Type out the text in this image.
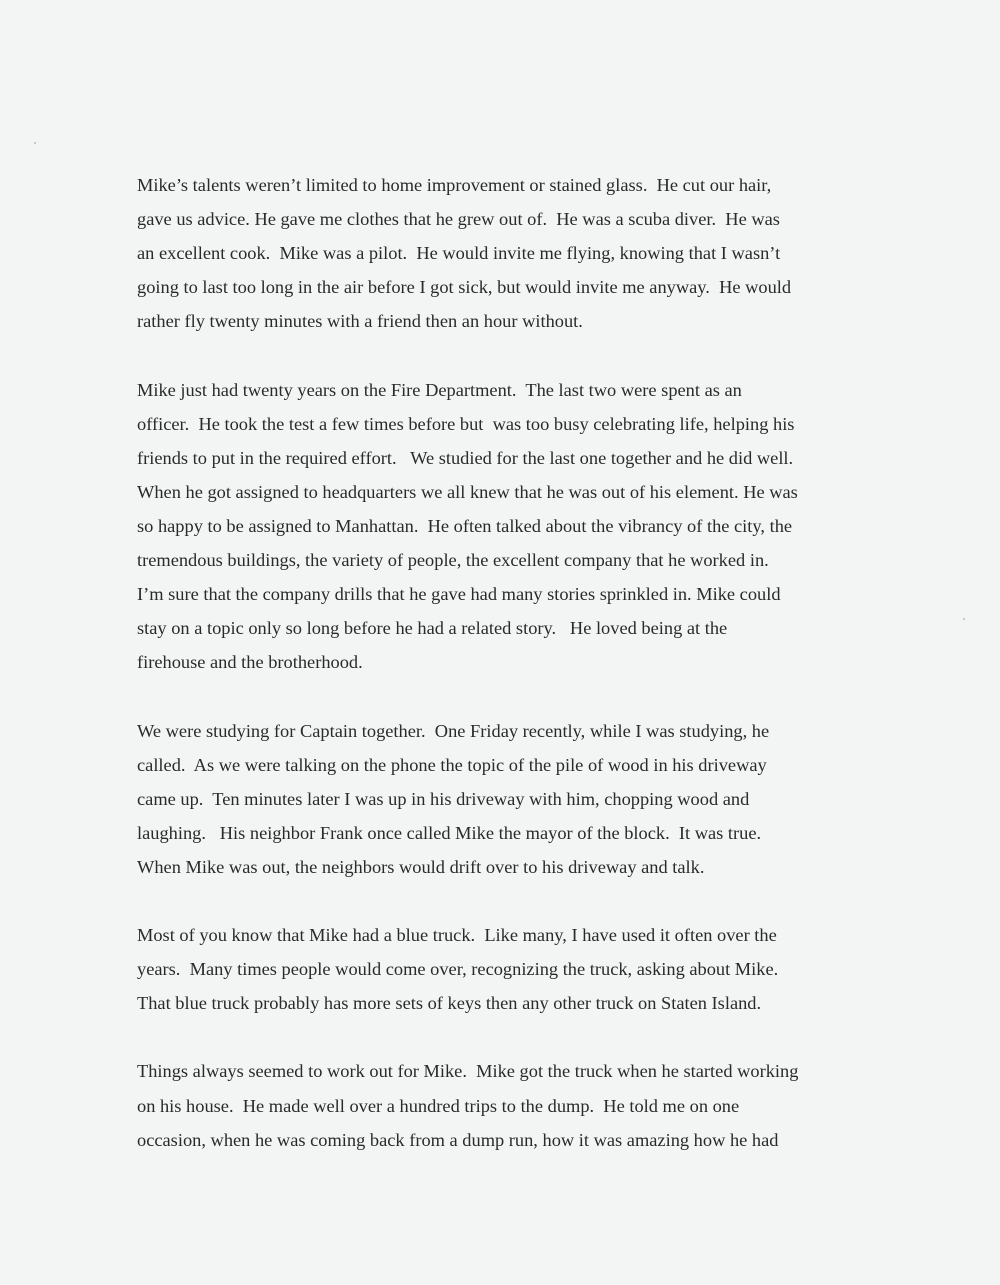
Mike’s talents weren’t limited to home improvement or stained glass.  He cut our hair,
gave us advice. He gave me clothes that he grew out of.  He was a scuba diver.  He was
an excellent cook.  Mike was a pilot.  He would invite me flying, knowing that I wasn’t
going to last too long in the air before I got sick, but would invite me anyway.  He would
rather fly twenty minutes with a friend then an hour without.
Mike just had twenty years on the Fire Department.  The last two were spent as an
officer.  He took the test a few times before but  was too busy celebrating life, helping his
friends to put in the required effort.   We studied for the last one together and he did well.
When he got assigned to headquarters we all knew that he was out of his element. He was
so happy to be assigned to Manhattan.  He often talked about the vibrancy of the city, the
tremendous buildings, the variety of people, the excellent company that he worked in.
I’m sure that the company drills that he gave had many stories sprinkled in. Mike could
stay on a topic only so long before he had a related story.   He loved being at the
firehouse and the brotherhood.
We were studying for Captain together.  One Friday recently, while I was studying, he
called.  As we were talking on the phone the topic of the pile of wood in his driveway
came up.  Ten minutes later I was up in his driveway with him, chopping wood and
laughing.   His neighbor Frank once called Mike the mayor of the block.  It was true.
When Mike was out, the neighbors would drift over to his driveway and talk.
Most of you know that Mike had a blue truck.  Like many, I have used it often over the
years.  Many times people would come over, recognizing the truck, asking about Mike.
That blue truck probably has more sets of keys then any other truck on Staten Island.
Things always seemed to work out for Mike.  Mike got the truck when he started working
on his house.  He made well over a hundred trips to the dump.  He told me on one
occasion, when he was coming back from a dump run, how it was amazing how he had
